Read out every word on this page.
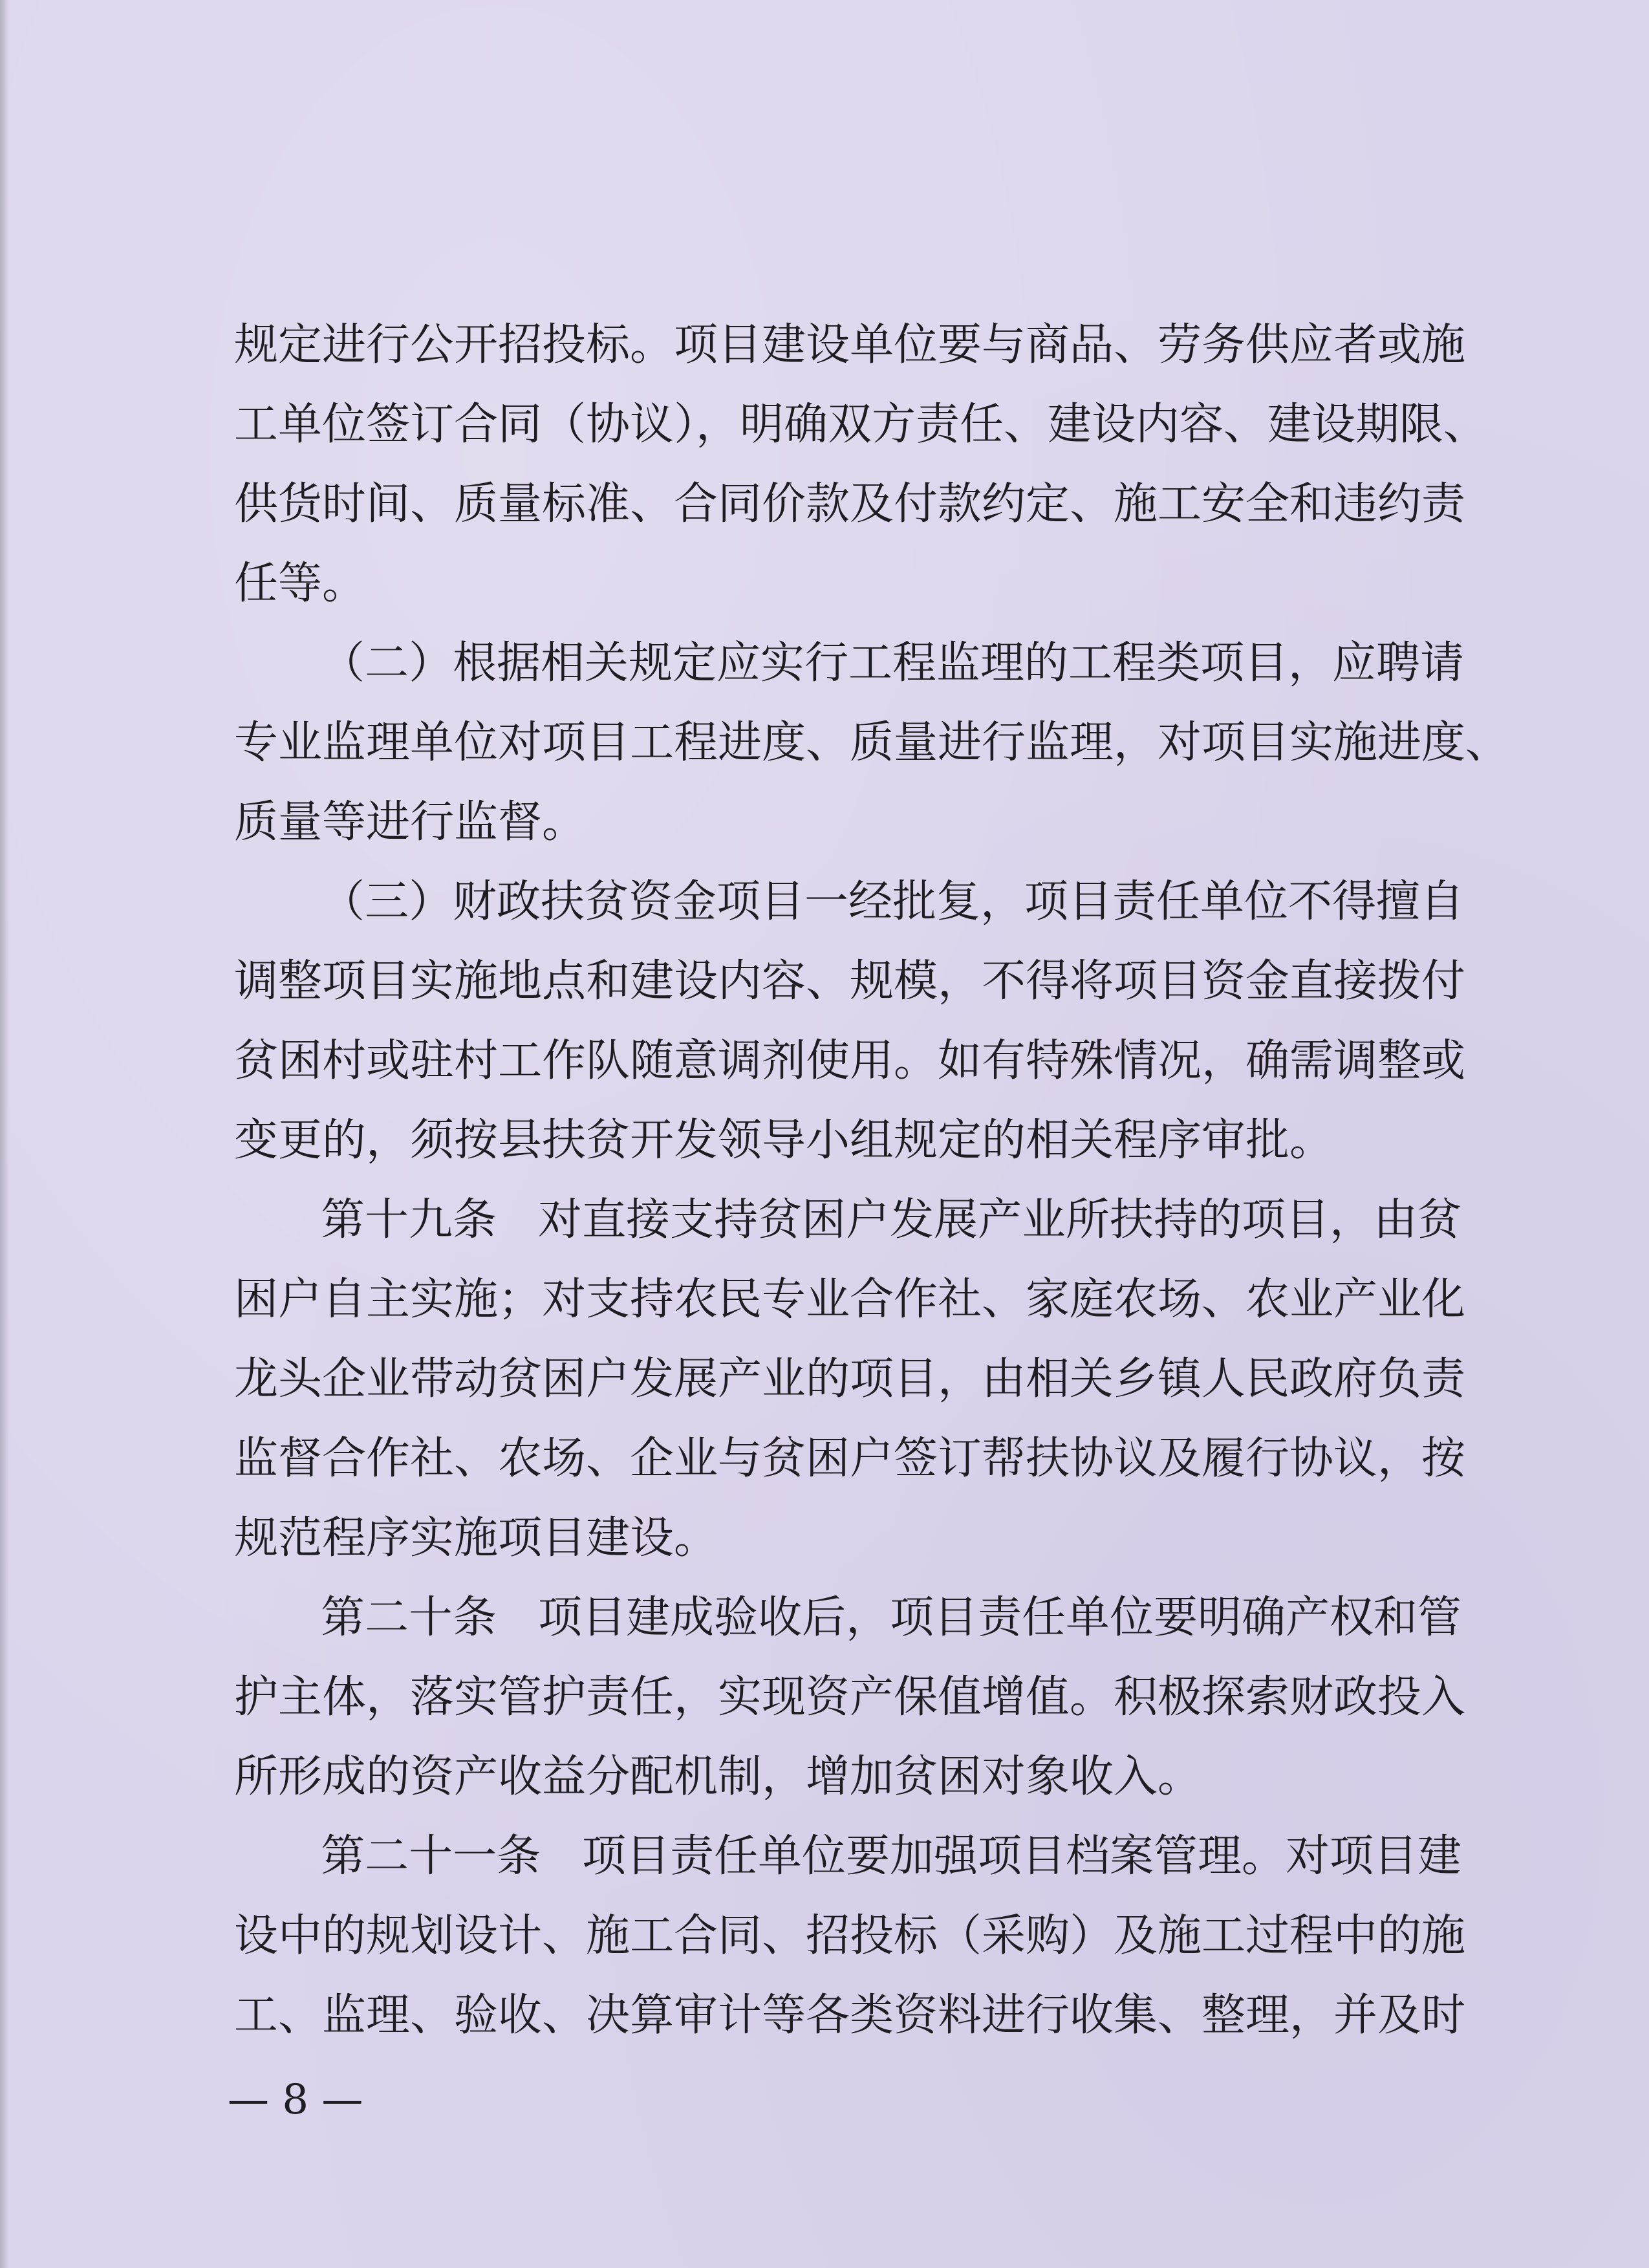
规定进行公开招投标。项目建设单位要与商品、劳务供应者或施
工单位签订合同（协议），明确双方责任、建设内容、建设期限、
供货时间、质量标准、合同价款及付款约定、施工安全和违约责
任等。
（二）根据相关规定应实行工程监理的工程类项目，应聘请
专业监理单位对项目工程进度、质量进行监理，对项目实施进度、
质量等进行监督。
（三）财政扶贫资金项目一经批复，项目责任单位不得擅自
调整项目实施地点和建设内容、规模，不得将项目资金直接拨付
贫困村或驻村工作队随意调剂使用。如有特殊情况，确需调整或
变更的，须按县扶贫开发领导小组规定的相关程序审批。
第十九条 对直接支持贫困户发展产业所扶持的项目，由贫
困户自主实施；对支持农民专业合作社、家庭农场、农业产业化
龙头企业带动贫困户发展产业的项目，由相关乡镇人民政府负责
监督合作社、农场、企业与贫困户签订帮扶协议及履行协议，按
规范程序实施项目建设。
第二十条 项目建成验收后，项目责任单位要明确产权和管
护主体，落实管护责任，实现资产保值增值。积极探索财政投入
所形成的资产收益分配机制，增加贫困对象收入。
第二十一条 项目责任单位要加强项目档案管理。对项目建
设中的规划设计、施工合同、招投标（采购）及施工过程中的施
工、监理、验收、决算审计等各类资料进行收集、整理，并及时
— 8 —
